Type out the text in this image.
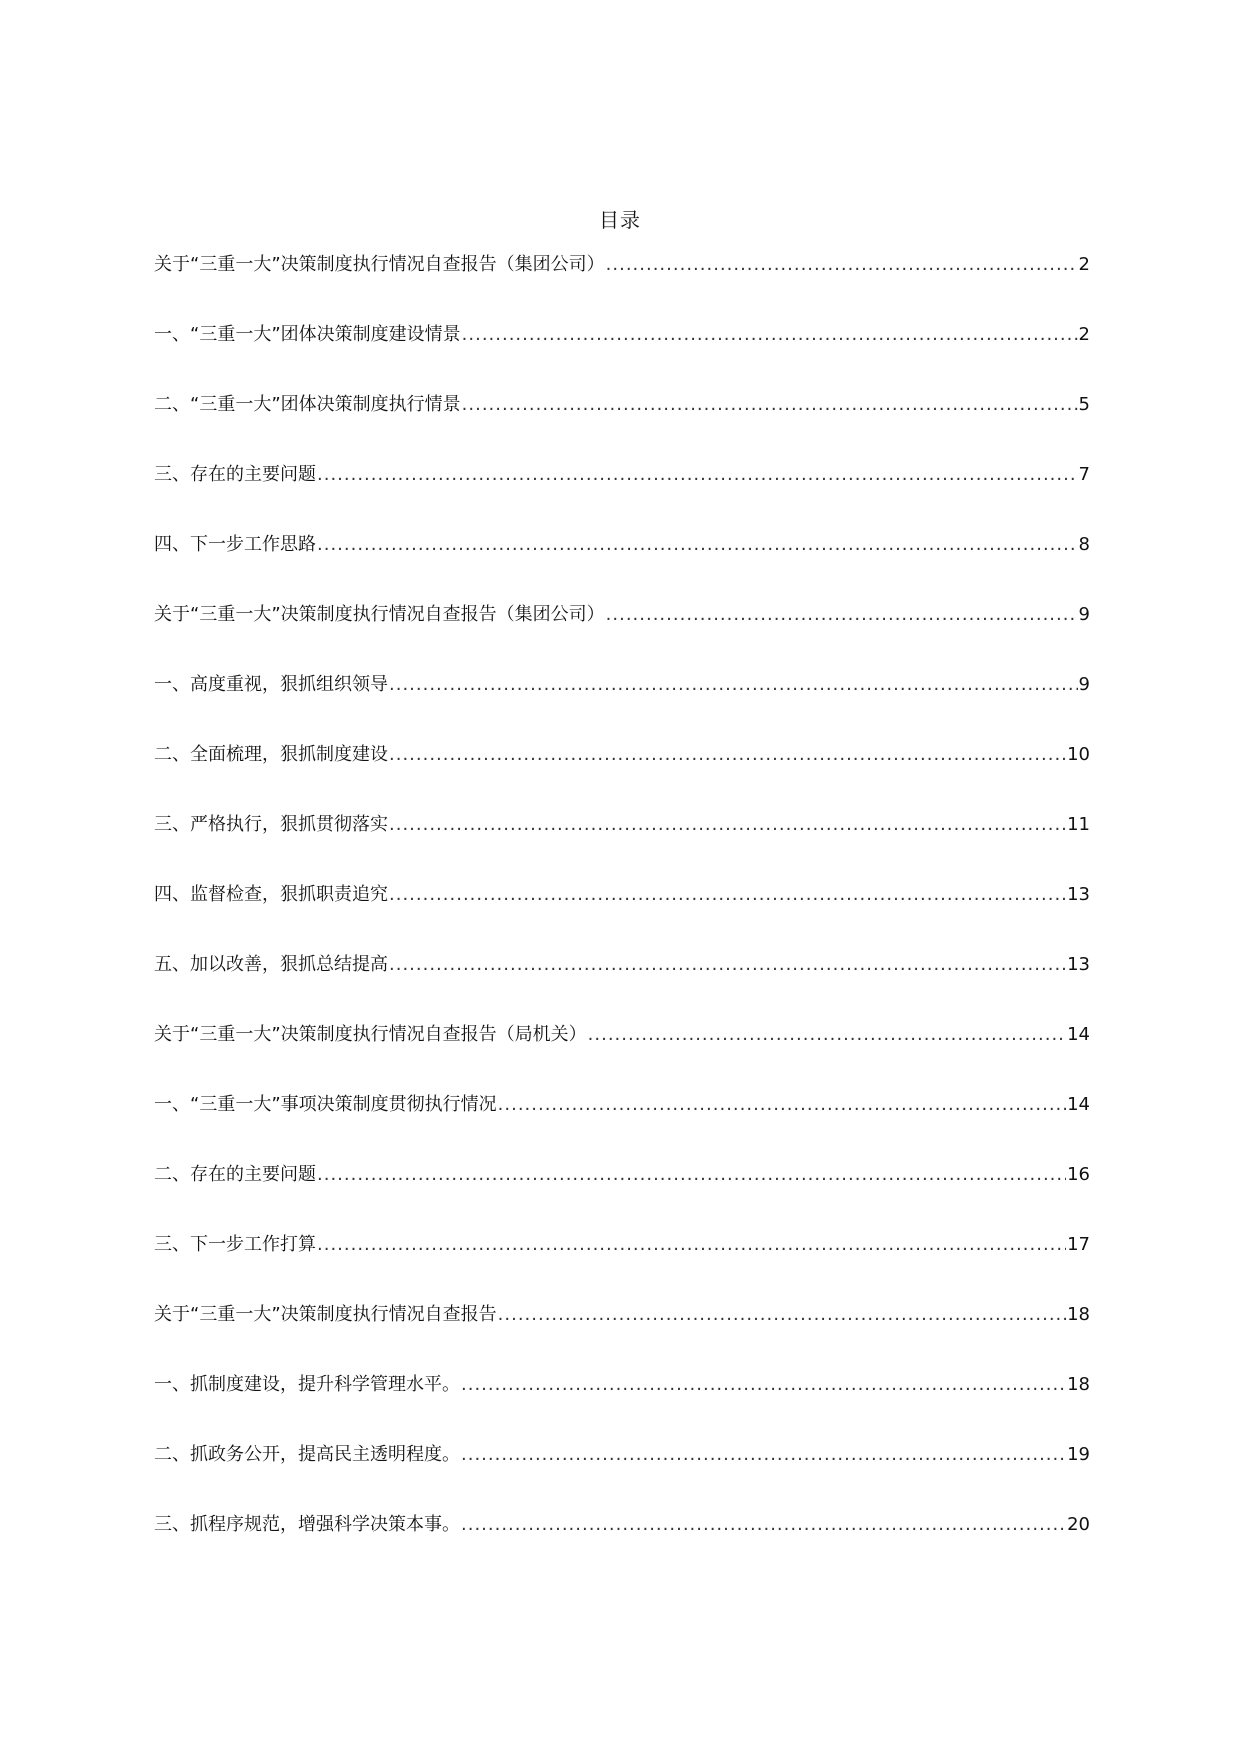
目录
关于“三重一大”决策制度执行情况自查报告（集团公司） .....	2
一、“三重一大”团体决策制度建设情景 .....	2
二、“三重一大”团体决策制度执行情景 .....	5
三、存在的主要问题 .....	7
四、下一步工作思路 .....	8
关于“三重一大”决策制度执行情况自查报告（集团公司） .....	9
一、高度重视，狠抓组织领导 .....	9
二、全面梳理，狠抓制度建设 .....	10
三、严格执行，狠抓贯彻落实 .....	11
四、监督检查，狠抓职责追究 .....	13
五、加以改善，狠抓总结提高 .....	13
关于“三重一大”决策制度执行情况自查报告（局机关） .....	14
一、“三重一大”事项决策制度贯彻执行情况 .....	14
二、存在的主要问题 .....	16
三、下一步工作打算 .....	17
关于“三重一大”决策制度执行情况自查报告 .....	18
一、抓制度建设，提升科学管理水平。 .....	18
二、抓政务公开，提高民主透明程度。 .....	19
三、抓程序规范，增强科学决策本事。 .....	20
